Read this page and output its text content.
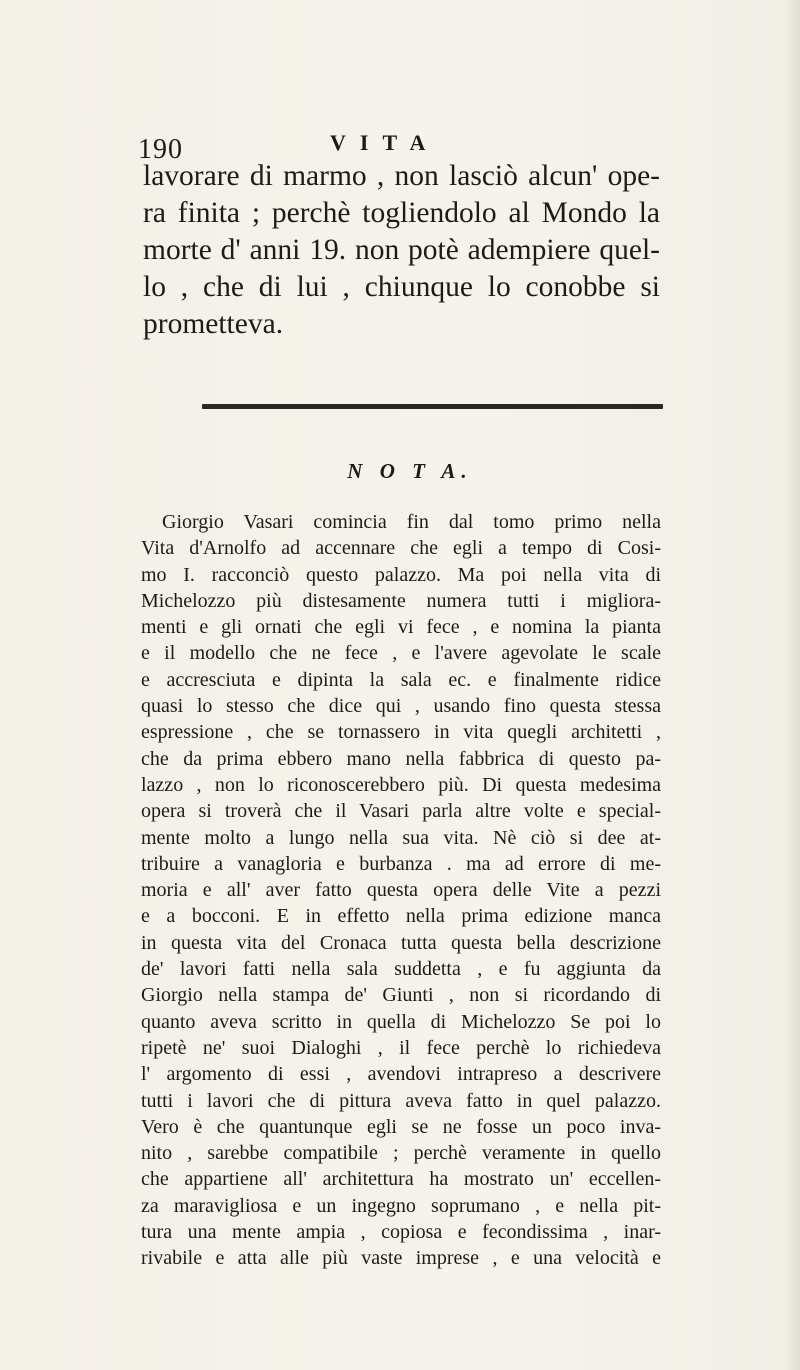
190	VITA
lavorare di marmo , non lasciò alcun' ope-
ra finita ; perchè togliendolo al Mondo la
morte d' anni 19. non potè adempiere quel-
lo , che di lui , chiunque lo conobbe si
prometteva.
N O T A.
Giorgio Vasari comincia fin dal tomo primo nella
Vita d'Arnolfo ad accennare che egli a tempo di Cosi-
mo I. racconciò questo palazzo. Ma poi nella vita di
Michelozzo più distesamente numera tutti i migliora-
menti e gli ornati che egli vi fece , e nomina la pianta
e il modello che ne fece , e l'avere agevolate le scale
e accresciuta e dipinta la sala ec. e finalmente ridice
quasi lo stesso che dice qui , usando fino questa stessa
espressione , che se tornassero in vita quegli architetti ,
che da prima ebbero mano nella fabbrica di questo pa-
lazzo , non lo riconoscerebbero più. Di questa medesima
opera si troverà che il Vasari parla altre volte e special-
mente molto a lungo nella sua vita. Nè ciò si dee at-
tribuire a vanagloria e burbanza . ma ad errore di me-
moria e all' aver fatto questa opera delle Vite a pezzi
e a bocconi. E in effetto nella prima edizione manca
in questa vita del Cronaca tutta questa bella descrizione
de' lavori fatti nella sala suddetta , e fu aggiunta da
Giorgio nella stampa de' Giunti , non si ricordando di
quanto aveva scritto in quella di Michelozzo Se poi lo
ripetè ne' suoi Dialoghi , il fece perchè lo richiedeva
l' argomento di essi , avendovi intrapreso a descrivere
tutti i lavori che di pittura aveva fatto in quel palazzo.
Vero è che quantunque egli se ne fosse un poco inva-
nito , sarebbe compatibile ; perchè veramente in quello
che appartiene all' architettura ha mostrato un' eccellen-
za maravigliosa e un ingegno soprumano , e nella pit-
tura una mente ampia , copiosa e fecondissima , inar-
rivabile e atta alle più vaste imprese , e una velocità e
